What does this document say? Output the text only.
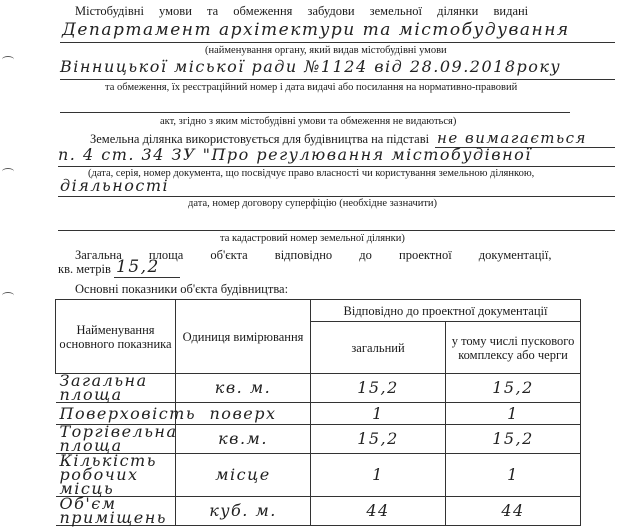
Містобудівні умови та обмеження забудови земельної ділянки видані
Департамент архітектури та містобудування
(найменування органу, який видав містобудівні умови
Вінницької міської ради №1124 від 28.09.2018року
та обмеження, їх реєстраційний номер і дата видачі або посилання на нормативно-правовий
акт, згідно з яким містобудівні умови та обмеження не видаються)
Земельна ділянка використовується для будівництва на підставі не вимагається
п. 4 ст. 34 ЗУ "Про регулювання містобудівної
(дата, серія, номер документа, що посвідчує право власності чи користування земельною ділянкою,
діяльності
дата, номер договору суперфіцію (необхідне зазначити)
та кадастровий номер земельної ділянки)
Загальна площа об'єкта відповідно до проектної документації,
кв. метрів 15,2
Основні показники об'єкта будівництва:
Найменування основного показника	Одиниця вимірювання	Відповідно до проектної документації	
		загальний	у тому числі пускового комплексу або черги
Загальна площа	кв. м.	15,2	15,2
Поверховість	поверх	1	1
Торгівельна площа	кв.м.	15,2	15,2
Кількість робочих місць	місце	1	1
Об'єм приміщень	куб. м.	44	44
